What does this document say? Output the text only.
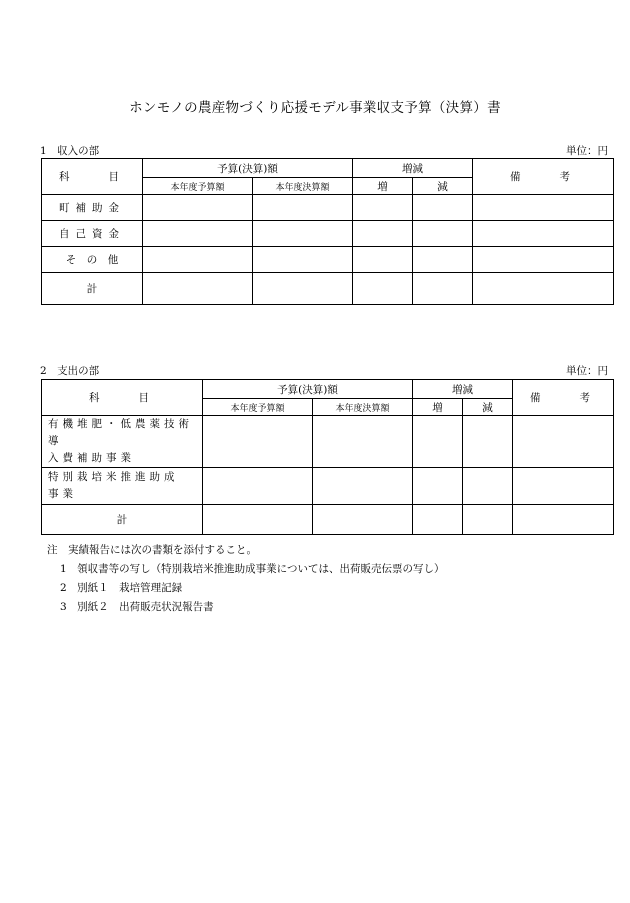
ホンモノの農産物づくり応援モデル事業収支予算（決算）書
1　収入の部	単位：円
科　　目	予算(決算)額		増減		備　　考
	本年度予算額	本年度決算額	増	減	
町補助金					
自己資金					
そ　の　他					
計					
2　支出の部	単位：円
科　　目	予算(決算)額		増減		備　　考
	本年度予算額	本年度決算額	増	減	

有機堆肥・低農薬技術導
入費補助事業					

特別栽培米推進助成
事業					

計					
注　実績報告には次の書類を添付すること。
1　領収書等の写し（特別栽培米推進助成事業については、出荷販売伝票の写し）
2　別紙１　栽培管理記録
3　別紙２　出荷販売状況報告書
